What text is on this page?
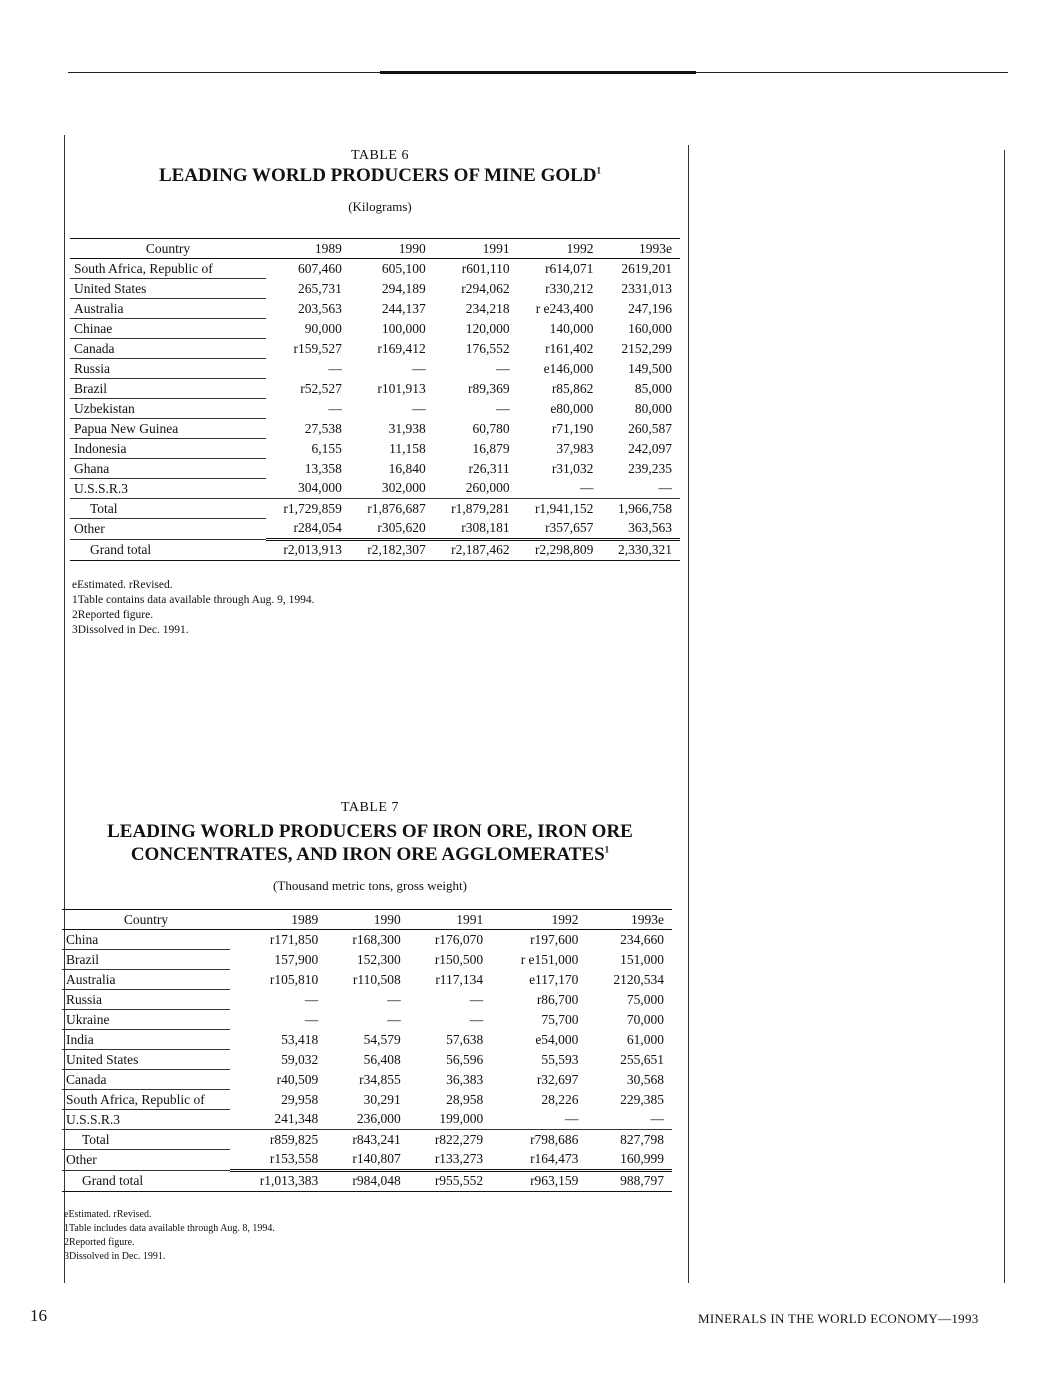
TABLE 6
LEADING WORLD PRODUCERS OF MINE GOLD$^1$
(Kilograms)
Country	1989	1990	1991	1992	1993e
South Africa, Republic of	607,460	605,100	r601,110	r614,071	2619,201
United States	265,731	294,189	r294,062	r330,212	2331,013
Australia	203,563	244,137	234,218	r e243,400	247,196
Chinae	90,000	100,000	120,000	140,000	160,000
Canada	r159,527	r169,412	176,552	r161,402	2152,299
Russia	—	—	—	e146,000	149,500
Brazil	r52,527	r101,913	r89,369	r85,862	85,000
Uzbekistan	—	—	—	e80,000	80,000
Papua New Guinea	27,538	31,938	60,780	r71,190	260,587
Indonesia	6,155	11,158	16,879	37,983	242,097
Ghana	13,358	16,840	r26,311	r31,032	239,235
U.S.S.R.3	304,000	302,000	260,000	—	—
Total	r1,729,859	r1,876,687	r1,879,281	r1,941,152	1,966,758
Other	r284,054	r305,620	r308,181	r357,657	363,563
Grand total	r2,013,913	r2,182,307	r2,187,462	r2,298,809	2,330,321
eEstimated. rRevised.
1Table contains data available through Aug. 9, 1994.
2Reported figure.
3Dissolved in Dec. 1991.
TABLE 7
LEADING WORLD PRODUCERS OF IRON ORE, IRON ORE
CONCENTRATES, AND IRON ORE AGGLOMERATES$^1$
(Thousand metric tons, gross weight)
Country	1989	1990	1991	1992	1993e
China	r171,850	r168,300	r176,070	r197,600	234,660
Brazil	157,900	152,300	r150,500	r e151,000	151,000
Australia	r105,810	r110,508	r117,134	e117,170	2120,534
Russia	—	—	—	r86,700	75,000
Ukraine	—	—	—	75,700	70,000
India	53,418	54,579	57,638	e54,000	61,000
United States	59,032	56,408	56,596	55,593	255,651
Canada	r40,509	r34,855	36,383	r32,697	30,568
South Africa, Republic of	29,958	30,291	28,958	28,226	229,385
U.S.S.R.3	241,348	236,000	199,000	—	—
Total	r859,825	r843,241	r822,279	r798,686	827,798
Other	r153,558	r140,807	r133,273	r164,473	160,999
Grand total	r1,013,383	r984,048	r955,552	r963,159	988,797
eEstimated. rRevised.
1Table includes data available through Aug. 8, 1994.
2Reported figure.
3Dissolved in Dec. 1991.
16	MINERALS IN THE WORLD ECONOMY—1993
